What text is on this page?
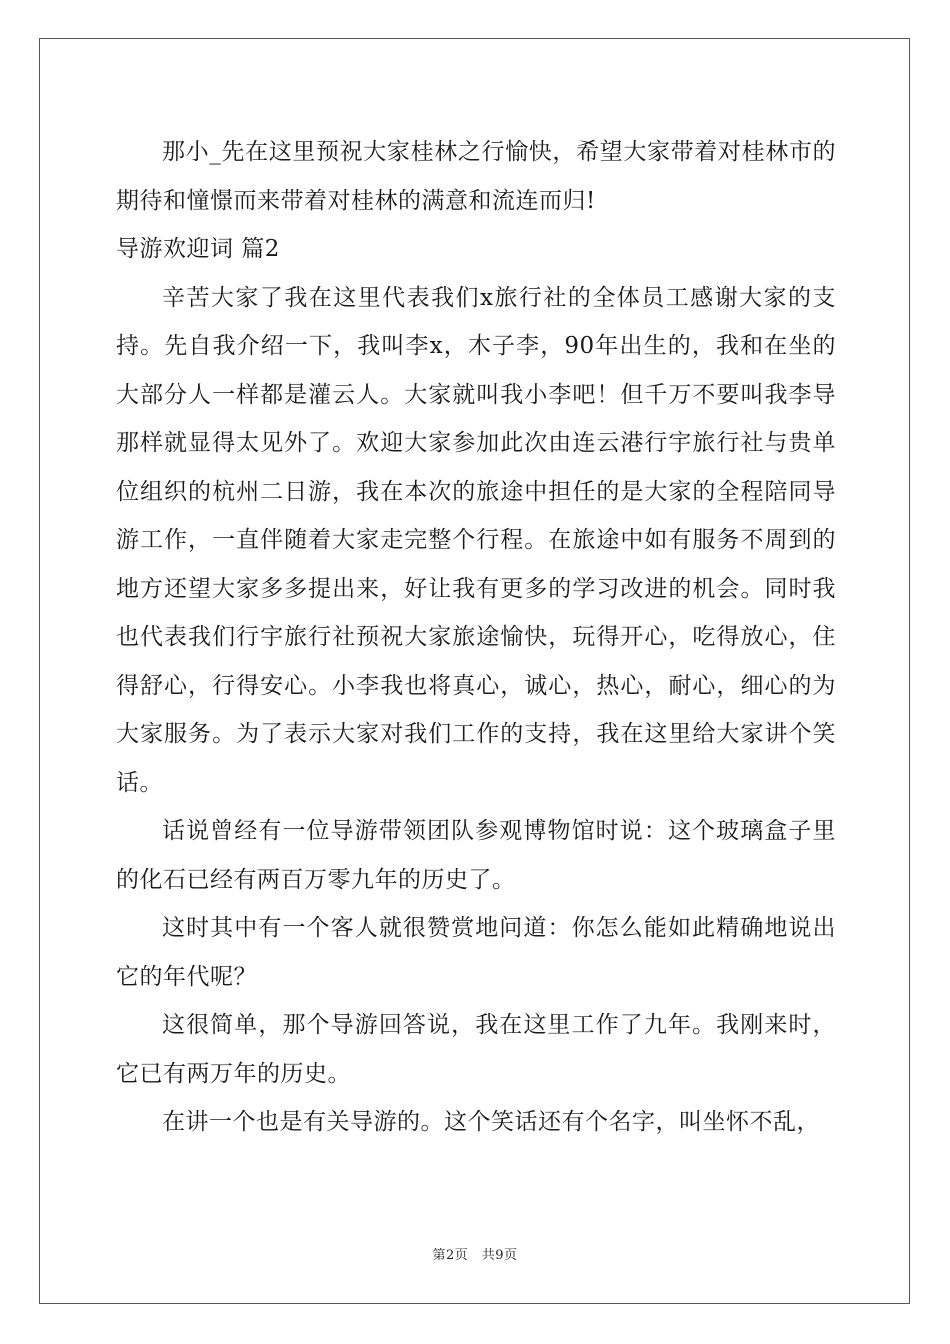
那小_先在这里预祝大家桂林之行愉快，希望大家带着对桂林市的期待和憧憬而来带着对桂林的满意和流连而归!

导游欢迎词 篇2

辛苦大家了我在这里代表我们x旅行社的全体员工感谢大家的支持。先自我介绍一下，我叫李x，木子李，90年出生的，我和在坐的大部分人一样都是灌云人。大家就叫我小李吧！但千万不要叫我李导那样就显得太见外了。欢迎大家参加此次由连云港行宇旅行社与贵单位组织的杭州二日游，我在本次的旅途中担任的是大家的全程陪同导游工作，一直伴随着大家走完整个行程。在旅途中如有服务不周到的地方还望大家多多提出来，好让我有更多的学习改进的机会。同时我也代表我们行宇旅行社预祝大家旅途愉快，玩得开心，吃得放心，住得舒心，行得安心。小李我也将真心，诚心，热心，耐心，细心的为大家服务。为了表示大家对我们工作的支持，我在这里给大家讲个笑话。

话说曾经有一位导游带领团队参观博物馆时说：这个玻璃盒子里的化石已经有两百万零九年的历史了。

这时其中有一个客人就很赞赏地问道：你怎么能如此精确地说出它的年代呢？

这很简单，那个导游回答说，我在这里工作了九年。我刚来时，它已有两万年的历史。

在讲一个也是有关导游的。这个笑话还有个名字，叫坐怀不乱，

第2页　共9页
